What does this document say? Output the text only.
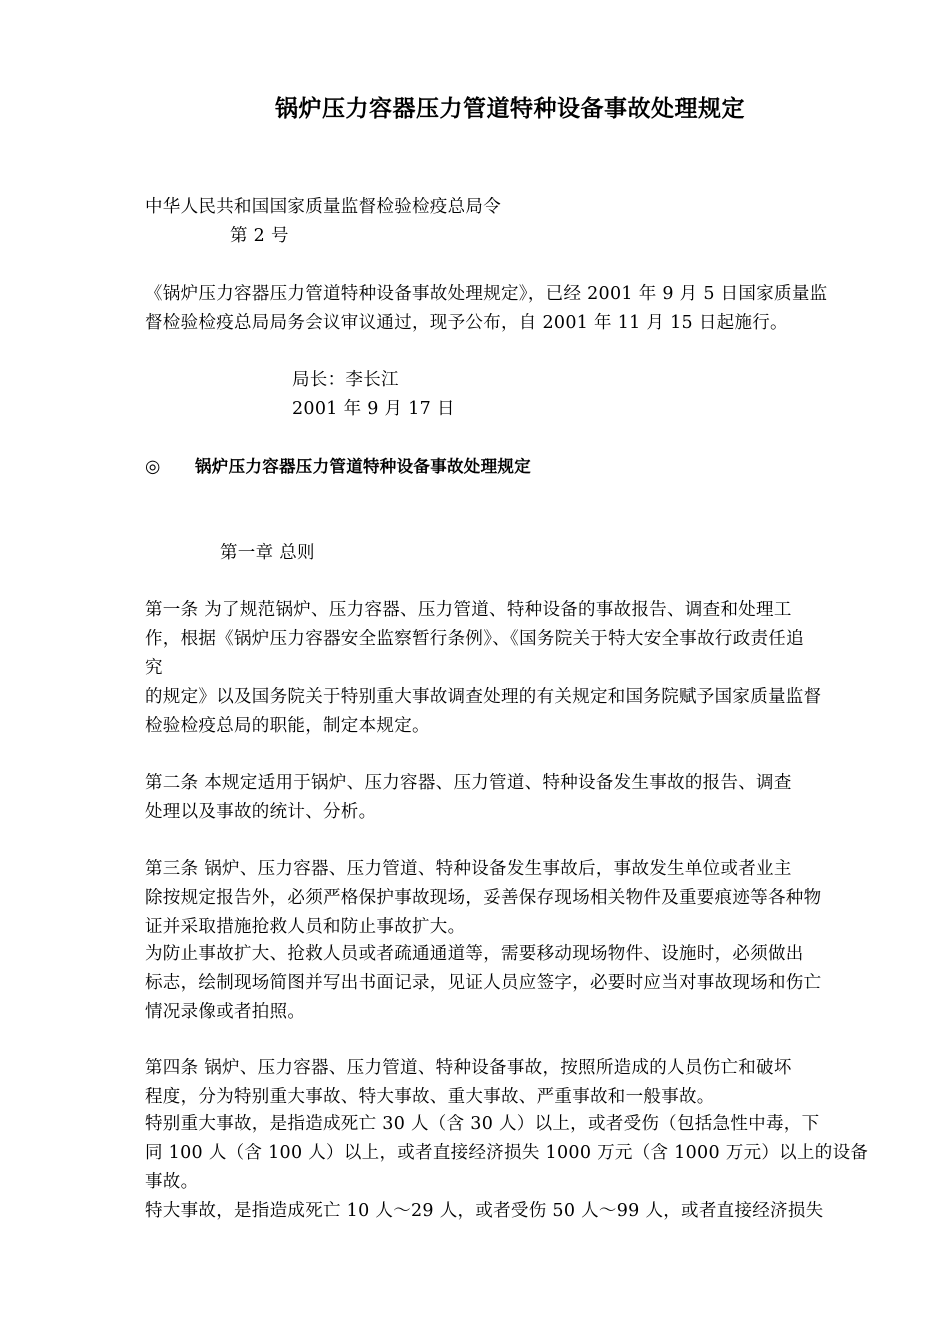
锅炉压力容器压力管道特种设备事故处理规定
中华人民共和国国家质量监督检验检疫总局令
第 2 号
《锅炉压力容器压力管道特种设备事故处理规定》，已经 2001 年 9 月 5 日国家质量监
督检验检疫总局局务会议审议通过，现予公布，自 2001 年 11 月 15 日起施行。
局长：李长江
2001 年 9 月 17 日
◎ 锅炉压力容器压力管道特种设备事故处理规定
第一章 总则
第一条 为了规范锅炉、压力容器、压力管道、特种设备的事故报告、调查和处理工
作，根据《锅炉压力容器安全监察暂行条例》、《国务院关于特大安全事故行政责任追
究
的规定》以及国务院关于特别重大事故调查处理的有关规定和国务院赋予国家质量监督
检验检疫总局的职能，制定本规定。
第二条 本规定适用于锅炉、压力容器、压力管道、特种设备发生事故的报告、调查
处理以及事故的统计、分析。
第三条 锅炉、压力容器、压力管道、特种设备发生事故后，事故发生单位或者业主
除按规定报告外，必须严格保护事故现场，妥善保存现场相关物件及重要痕迹等各种物
证并采取措施抢救人员和防止事故扩大。
为防止事故扩大、抢救人员或者疏通通道等，需要移动现场物件、设施时，必须做出
标志，绘制现场简图并写出书面记录，见证人员应签字，必要时应当对事故现场和伤亡
情况录像或者拍照。
第四条 锅炉、压力容器、压力管道、特种设备事故，按照所造成的人员伤亡和破坏
程度，分为特别重大事故、特大事故、重大事故、严重事故和一般事故。
特别重大事故，是指造成死亡 30 人（含 30 人）以上，或者受伤（包括急性中毒，下
同 100 人（含 100 人）以上，或者直接经济损失 1000 万元（含 1000 万元）以上的设备
事故。
特大事故，是指造成死亡 10 人～29 人，或者受伤 50 人～99 人，或者直接经济损失
